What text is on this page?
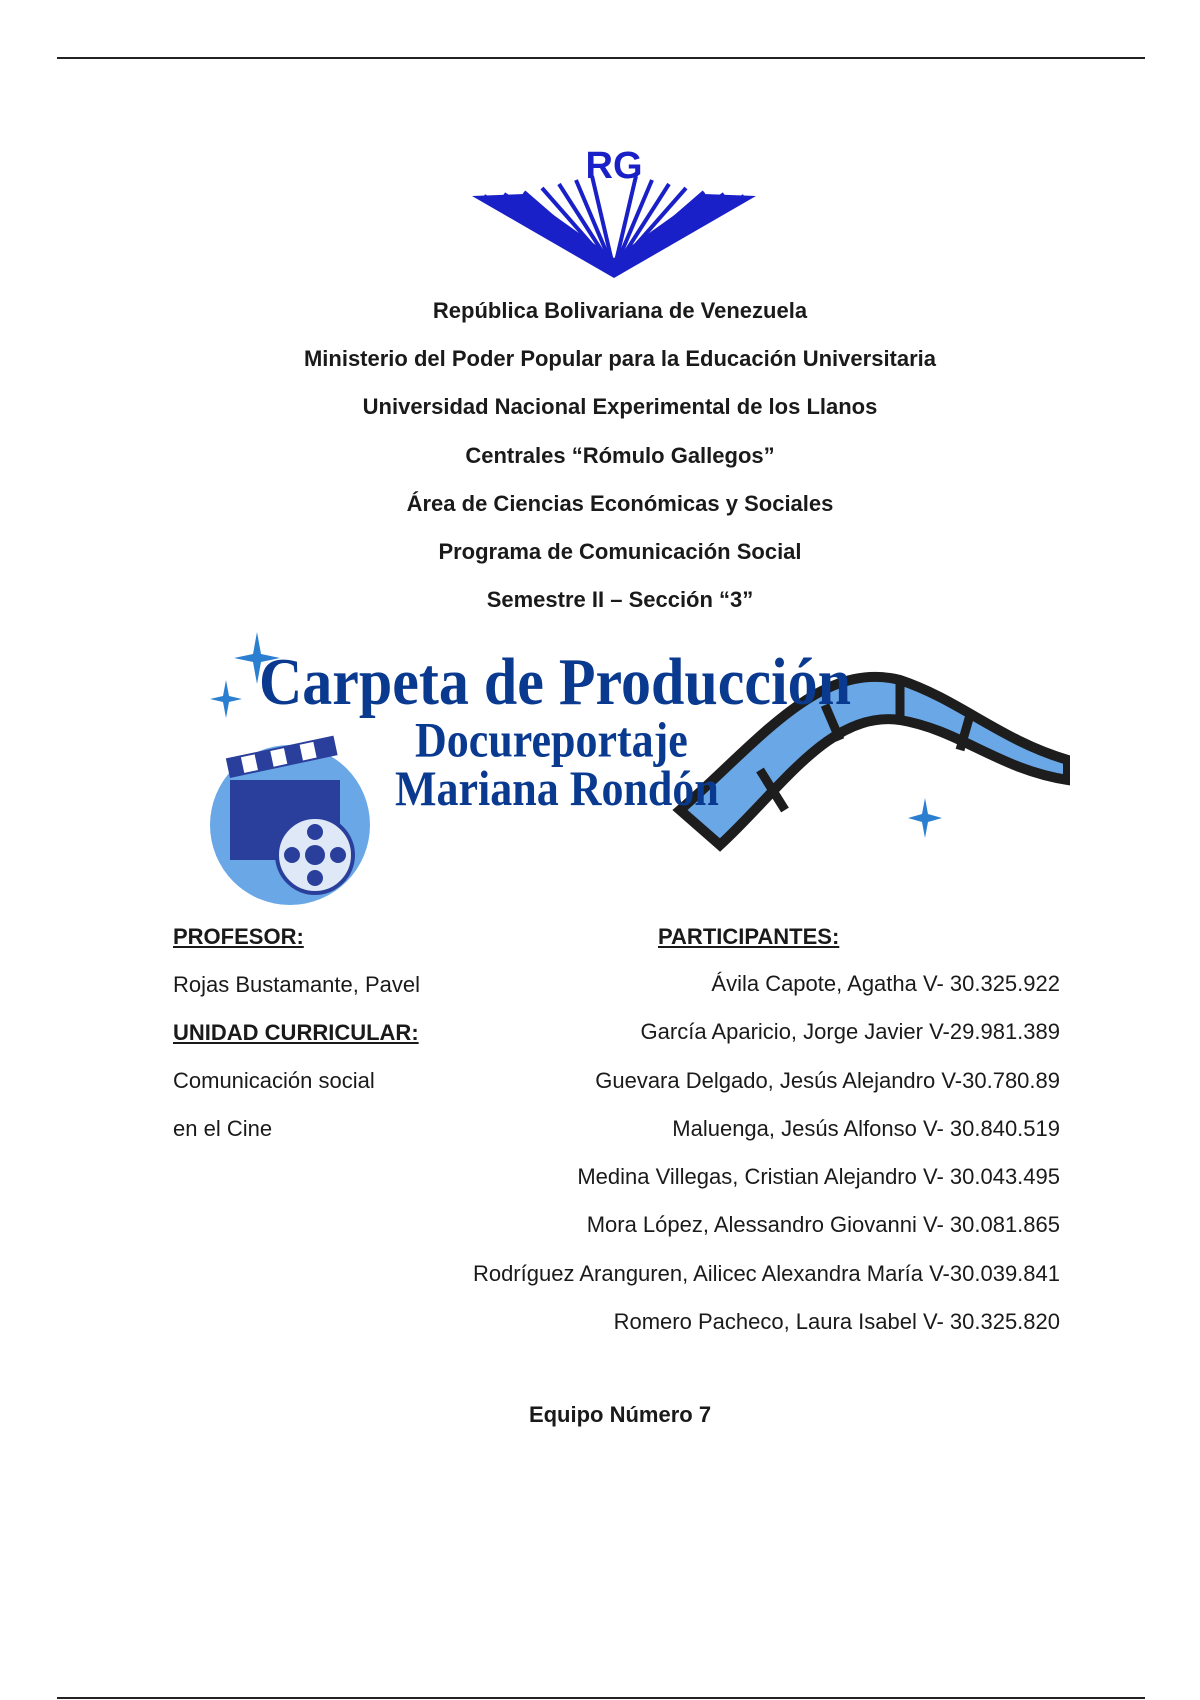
RG
República Bolivariana de Venezuela
Ministerio del Poder Popular para la Educación Universitaria
Universidad Nacional Experimental de los Llanos
Centrales “Rómulo Gallegos”
Área de Ciencias Económicas y Sociales
Programa de Comunicación Social
Semestre II – Sección “3”
Carpeta de Producción
Docureportaje
Mariana Rondón
PROFESOR:
Rojas Bustamante, Pavel
UNIDAD CURRICULAR:
Comunicación social
en el Cine
PARTICIPANTES:
Ávila Capote, Agatha V- 30.325.922
García Aparicio, Jorge Javier V-29.981.389
Guevara Delgado, Jesús Alejandro V-30.780.89
Maluenga, Jesús Alfonso V- 30.840.519
Medina Villegas, Cristian Alejandro V- 30.043.495
Mora López, Alessandro Giovanni V- 30.081.865
Rodríguez Aranguren, Ailicec Alexandra María V-30.039.841
Romero Pacheco, Laura Isabel V- 30.325.820
Equipo Número 7
